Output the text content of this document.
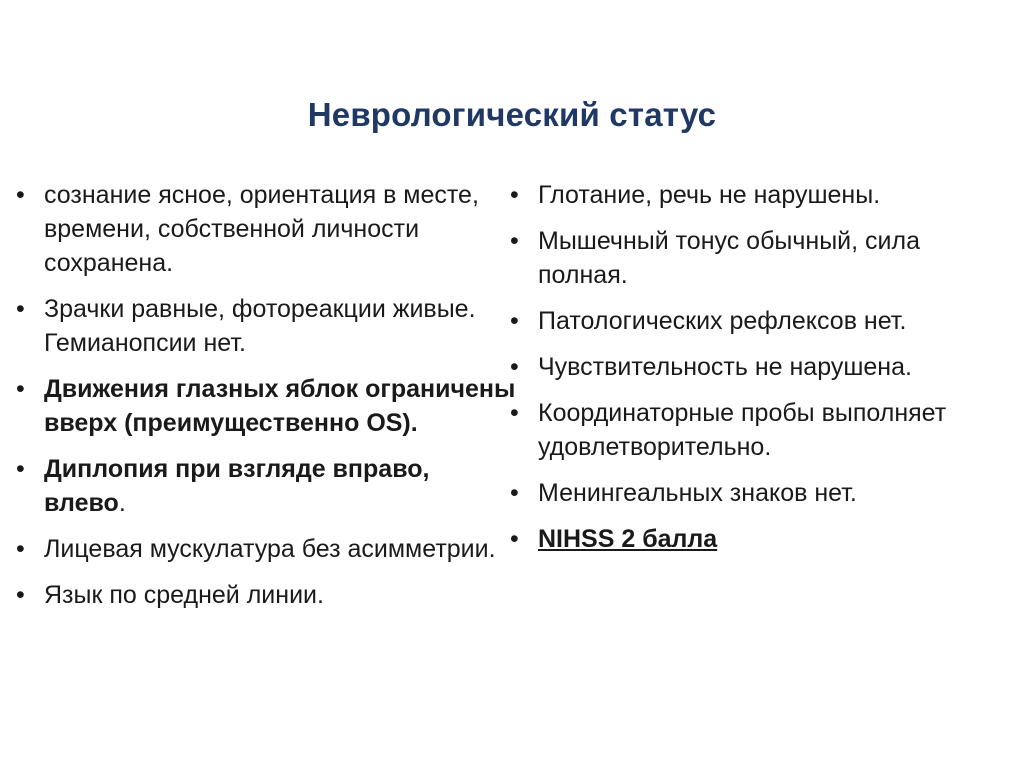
Неврологический статус
• сознание ясное, ориентация в месте, времени, собственной личности сохранена.
• Зрачки равные, фотореакции живые. Гемианопсии нет.
• Движения глазных яблок ограничены вверх (преимущественно OS).
• Диплопия при взгляде вправо, влево.
• Лицевая мускулатура без асимметрии.
• Язык по средней линии.
• Глотание, речь не нарушены.
• Мышечный тонус обычный, сила полная.
• Патологических рефлексов нет.
• Чувствительность не нарушена.
• Координаторные пробы выполняет удовлетворительно.
• Менингеальных знаков нет.
• NIHSS 2 балла
